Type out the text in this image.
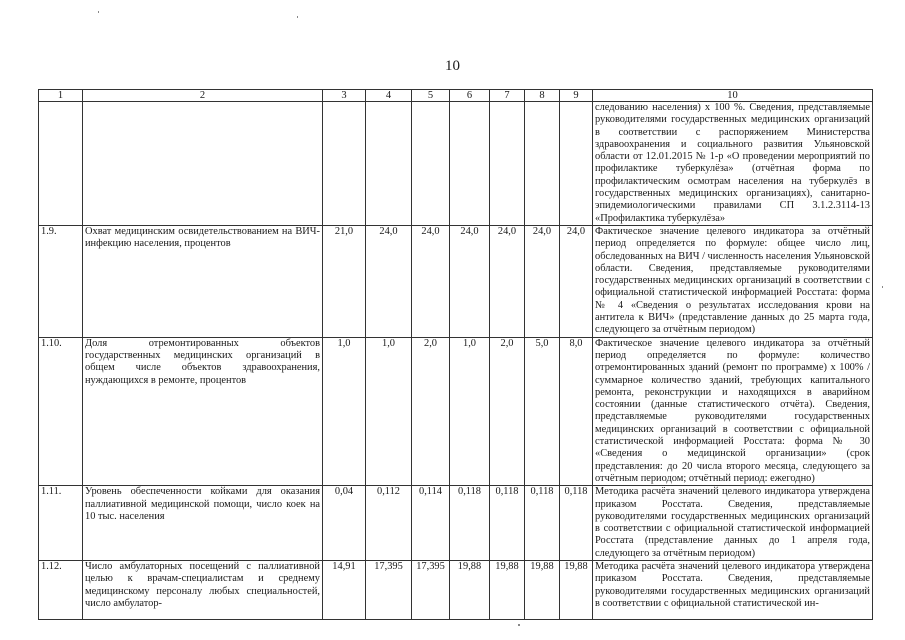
10
1	2	3	4	5	6	7	8	9	10
									следованию населения) х 100 %. Сведения, представляемые руководителями государственных медицинских организаций в соответствии с распоряжением Министерства здравоохранения и социального развития Ульяновской области от 12.01.2015 № 1-р «О проведении мероприятий по профилактике туберкулёза» (отчётная форма по профилактическим осмотрам населения на туберкулёз в государственных медицинских организациях), санитарно-эпидемиологическими правилами СП 3.1.2.3114-13 «Профилактика туберкулёза»
1.9.	Охват медицинским освидетельствованием на ВИЧ-инфекцию населения, процентов	21,0	24,0	24,0	24,0	24,0	24,0	24,0	Фактическое значение целевого индикатора за отчётный период определяется по формуле: общее число лиц, обследованных на ВИЧ / численность населения Ульяновской области. Сведения, представляемые руководителями государственных медицинских организаций в соответствии с официальной статистической информацией Росстата: форма № 4 «Сведения о результатах исследования крови на антитела к ВИЧ» (представление данных до 25 марта года, следующего за отчётным периодом)
1.10.	Доля отремонтированных объектов государственных медицинских организаций в общем числе объектов здравоохранения, нуждающихся в ремонте, процентов	1,0	1,0	2,0	1,0	2,0	5,0	8,0	Фактическое значение целевого индикатора за отчётный период определяется по формуле: количество отремонтированных зданий (ремонт по программе) х 100% / суммарное количество зданий, требующих капитального ремонта, реконструкции и находящихся в аварийном состоянии (данные статистического отчёта). Сведения, представляемые руководителями государственных медицинских организаций в соответствии с официальной статистической информацией Росстата: форма № 30 «Сведения о медицинской организации» (срок представления: до 20 числа второго месяца, следующего за отчётным периодом; отчётный период: ежегодно)
1.11.	Уровень обеспеченности койками для оказания паллиативной медицинской помощи, число коек на 10 тыс. населения	0,04	0,112	0,114	0,118	0,118	0,118	0,118	Методика расчёта значений целевого индикатора утверждена приказом Росстата. Сведения, представляемые руководителями государственных медицинских организаций в соответствии с официальной статистической информацией Росстата (представление данных до 1 апреля года, следующего за отчётным периодом)
1.12.	Число амбулаторных посещений с паллиативной целью к врачам-специалистам и среднему медицинскому персоналу любых специальностей, число амбулатор-	14,91	17,395	17,395	19,88	19,88	19,88	19,88	Методика расчёта значений целевого индикатора утверждена приказом Росстата. Сведения, представляемые руководителями государственных медицинских организаций в соответствии с официальной статистической ин-
